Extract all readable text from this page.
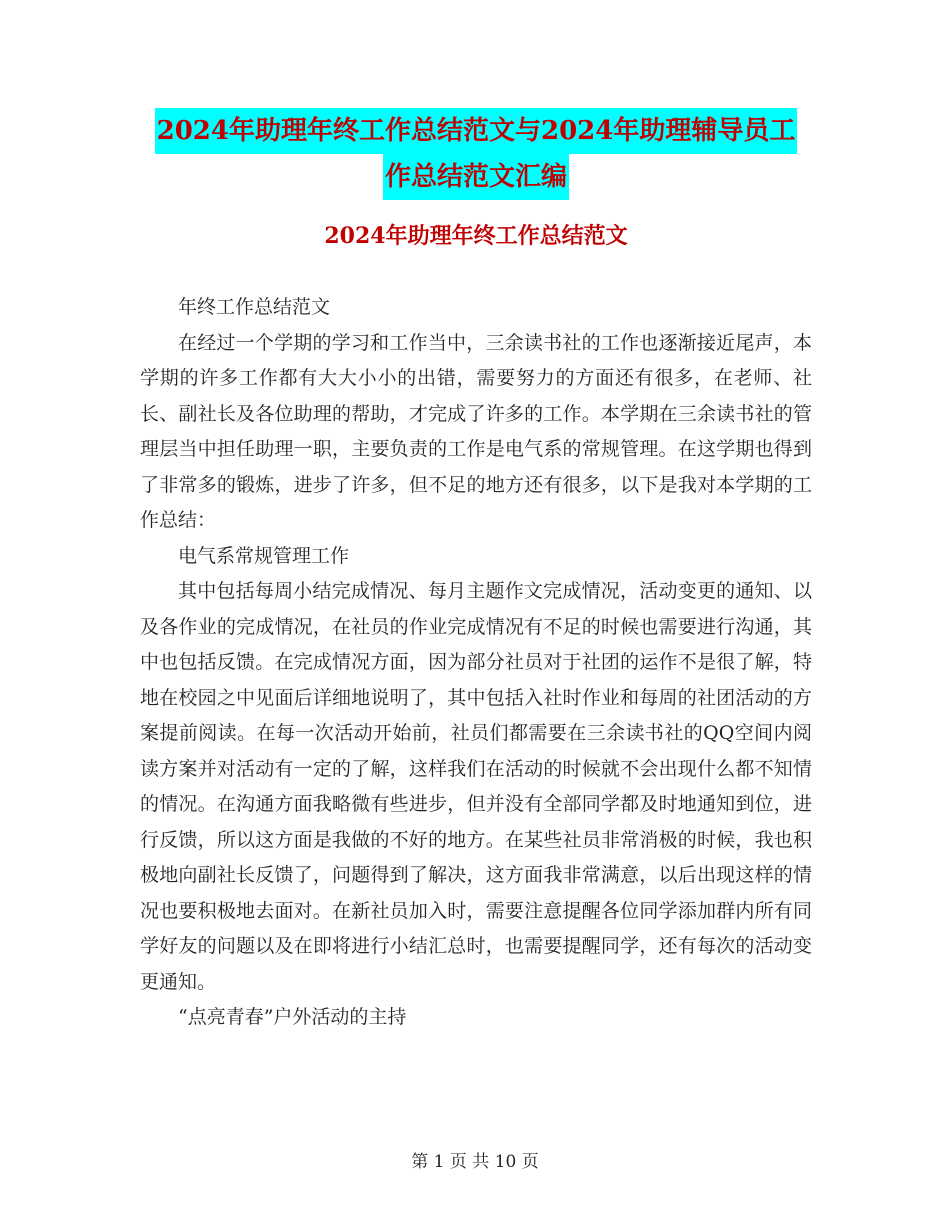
2024年助理年终工作总结范文与2024年助理辅导员工
作总结范文汇编
2024年助理年终工作总结范文

年终工作总结范文

在经过一个学期的学习和工作当中，三余读书社的工作也逐渐接近尾声，本学期的许多工作都有大大小小的出错，需要努力的方面还有很多，在老师、社长、副社长及各位助理的帮助，才完成了许多的工作。本学期在三余读书社的管理层当中担任助理一职，主要负责的工作是电气系的常规管理。在这学期也得到了非常多的锻炼，进步了许多，但不足的地方还有很多，以下是我对本学期的工作总结：

电气系常规管理工作

其中包括每周小结完成情况、每月主题作文完成情况，活动变更的通知、以及各作业的完成情况，在社员的作业完成情况有不足的时候也需要进行沟通，其中也包括反馈。在完成情况方面，因为部分社员对于社团的运作不是很了解，特地在校园之中见面后详细地说明了，其中包括入社时作业和每周的社团活动的方案提前阅读。在每一次活动开始前，社员们都需要在三余读书社的QQ空间内阅读方案并对活动有一定的了解，这样我们在活动的时候就不会出现什么都不知情的情况。在沟通方面我略微有些进步，但并没有全部同学都及时地通知到位，进行反馈，所以这方面是我做的不好的地方。在某些社员非常消极的时候，我也积极地向副社长反馈了，问题得到了解决，这方面我非常满意，以后出现这样的情况也要积极地去面对。在新社员加入时，需要注意提醒各位同学添加群内所有同学好友的问题以及在即将进行小结汇总时，也需要提醒同学，还有每次的活动变更通知。

“点亮青春”户外活动的主持

第 1 页 共 10 页
